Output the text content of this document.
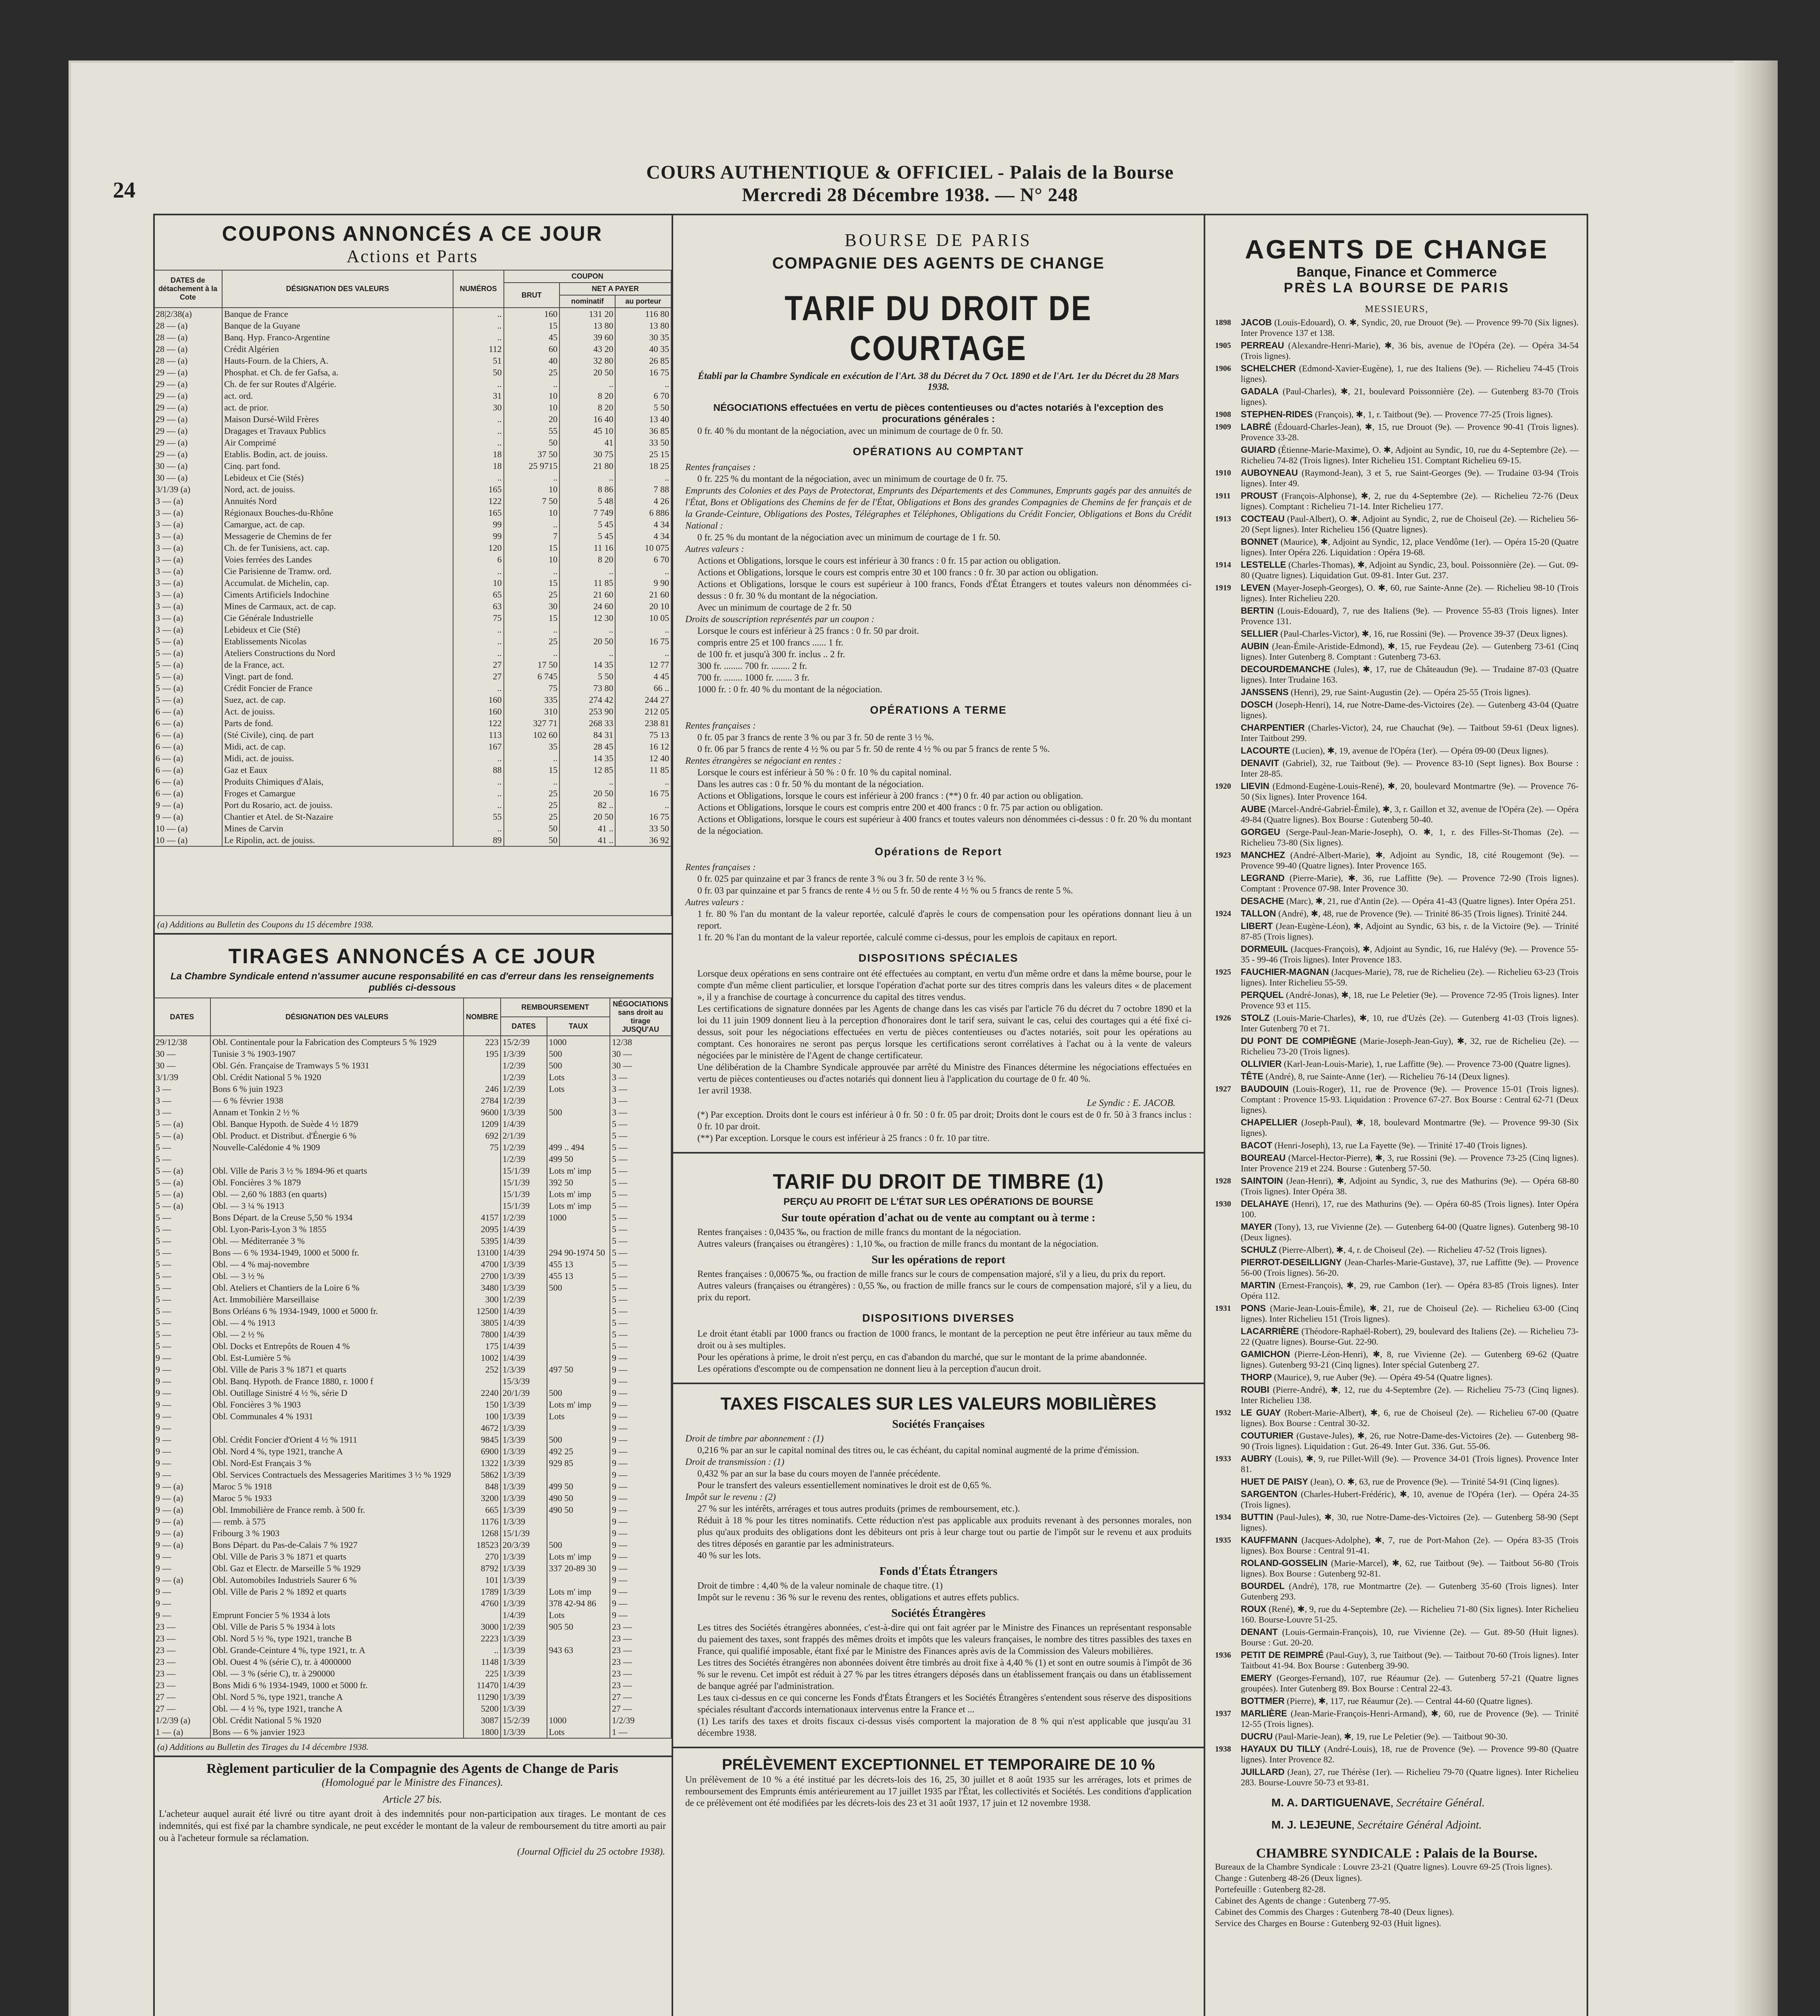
24
COURS AUTHENTIQUE & OFFICIEL - Palais de la Bourse
Mercredi 28 Décembre 1938. — N° 248
COUPONS ANNONCÉS A CE JOUR
Actions et Parts
DATES de détachement à la Cote	DÉSIGNATION DES VALEURS	NUMÉROS	COUPON		
			BRUT	NET A PAYER	
				nominatif	au porteur
28|2/38(a)	Banque de France	..	160	131 20	116 80
28 — (a)	Banque de la Guyane	..	15	13 80	13 80
28 — (a)	Banq. Hyp. Franco-Argentine	..	45	39 60	30 35
28 — (a)	Crédit Algérien	112	60	43 20	40 35
28 — (a)	Hauts-Fourn. de la Chiers, A.	51	40	32 80	26 85
29 — (a)	Phosphat. et Ch. de fer Gafsa, a.	50	25	20 50	16 75
29 — (a)	Ch. de fer sur Routes d'Algérie.	..	..	..	..
29 — (a)	act. ord.	31	10	8 20	6 70
29 — (a)	act. de prior.	30	10	8 20	5 50
29 — (a)	Maison Dursé-Wild Frères	..	20	16 40	13 40
29 — (a)	Dragages et Travaux Publics	..	55	45 10	36 85
29 — (a)	Air Comprimé	..	50	41	33 50
29 — (a)	Etablis. Bodin, act. de jouiss.	18	37 50	30 75	25 15
30 — (a)	Cinq. part fond.	18	25 9715	21 80	18 25
30 — (a)	Lebideux et Cie (Stés)	..	..	..	..
3/1/39 (a)	Nord, act. de jouiss.	165	10	8 86	7 88
3 — (a)	Annuités Nord	122	7 50	5 48	4 26
3 — (a)	Régionaux Bouches-du-Rhône	165	10	7 749	6 886
3 — (a)	Camargue, act. de cap.	99	..	5 45	4 34
3 — (a)	Messagerie de Chemins de fer	99	7	5 45	4 34
3 — (a)	Ch. de fer Tunisiens, act. cap.	120	15	11 16	10 075
3 — (a)	Voies ferrées des Landes	6	10	8 20	6 70
3 — (a)	Cie Parisienne de Tramw. ord.	..	..	..	..
3 — (a)	Accumulat. de Michelin, cap.	10	15	11 85	9 90
3 — (a)	Ciments Artificiels Indochine	65	25	21 60	21 60
3 — (a)	Mines de Carmaux, act. de cap.	63	30	24 60	20 10
3 — (a)	Cie Générale Industrielle	75	15	12 30	10 05
3 — (a)	Lebideux et Cie (Sté)	..	..	..	..
5 — (a)	Etablissements Nicolas	..	25	20 50	16 75
5 — (a)	Ateliers Constructions du Nord	..	..	..	..
5 — (a)	de la France, act.	27	17 50	14 35	12 77
5 — (a)	Vingt. part de fond.	27	6 745	5 50	4 45
5 — (a)	Crédit Foncier de France	..	75	73 80	66 ..
5 — (a)	Suez, act. de cap.	160	335	274 42	244 27
6 — (a)	Act. de jouiss.	160	310	253 90	212 05
6 — (a)	Parts de fond.	122	327 71	268 33	238 81
6 — (a)	(Sté Civile), cinq. de part	113	102 60	84 31	75 13
6 — (a)	Midi, act. de cap.	167	35	28 45	16 12
6 — (a)	Midi, act. de jouiss.	..	..	14 35	12 40
6 — (a)	Gaz et Eaux	88	15	12 85	11 85
6 — (a)	Produits Chimiques d'Alais,	..	..	..	..
6 — (a)	Froges et Camargue	..	25	20 50	16 75
9 — (a)	Port du Rosario, act. de jouiss.	..	25	82 ..	..
9 — (a)	Chantier et Atel. de St-Nazaire	55	25	20 50	16 75
10 — (a)	Mines de Carvin	..	50	41 ..	33 50
10 — (a)	Le Ripolin, act. de jouiss.	89	50	41 ..	36 92
(a) Additions au Bulletin des Coupons du 15 décembre 1938.
TIRAGES ANNONCÉS A CE JOUR
La Chambre Syndicale entend n'assumer aucune responsabilité en cas d'erreur dans les renseignements publiés ci-dessous
DATES	DÉSIGNATION DES VALEURS	NOMBRE	REMBOURSEMENT		NÉGOCIATIONS sans droit au tirage JUSQU'AU
			DATES	TAUX	
29/12/38	Obl. Continentale pour la Fabrication des Compteurs 5 % 1929	223	15/2/39	1000	12/38
30 —	Tunisie 3 % 1903-1907	195	1/3/39	500	30 —
30 —	Obl. Gén. Française de Tramways 5 % 1931		1/2/39	500	30 —
3/1/39	Obl. Crédit National 5 % 1920		1/2/39	Lots	3 —
3 —	Bons 6 % juin 1923	246	1/2/39	Lots	3 —
3 —	— 6 % février 1938	2784	1/2/39		3 —
3 —	Annam et Tonkin 2 ½ %	9600	1/3/39	500	3 —
5 — (a)	Obl. Banque Hypoth. de Suède 4 ½ 1879	1209	1/4/39		5 —
5 — (a)	Obl. Product. et Distribut. d'Énergie 6 %	692	2/1/39		5 —
5 —	Nouvelle-Calédonie 4 % 1909	75	1/2/39	499 .. 494	5 —
5 —			1/2/39	499 50	5 —
5 — (a)	Obl. Ville de Paris 3 ½ % 1894-96 et quarts		15/1/39	Lots m' imp	5 —
5 — (a)	Obl. Foncières 3 % 1879		15/1/39	392 50	5 —
5 — (a)	Obl. — 2,60 % 1883 (en quarts)		15/1/39	Lots m' imp	5 —
5 — (a)	Obl. — 3 ¼ % 1913		15/1/39	Lots m' imp	5 —
5 —	Bons Départ. de la Creuse 5,50 % 1934	4157	1/2/39	1000	5 —
5 —	Obl. Lyon-Paris-Lyon 3 % 1855	2095	1/4/39		5 —
5 —	Obl. — Méditerranée 3 %	5395	1/4/39		5 —
5 —	Bons — 6 % 1934-1949, 1000 et 5000 fr.	13100	1/4/39	294 90-1974 50	5 —
5 —	Obl. — 4 % maj-novembre	4700	1/3/39	455 13	5 —
5 —	Obl. — 3 ½ %	2700	1/3/39	455 13	5 —
5 —	Obl. Ateliers et Chantiers de la Loire 6 %	3480	1/3/39	500	5 —
5 —	Act. Immobilière Marseillaise	300	1/2/39		5 —
5 —	Bons Orléans 6 % 1934-1949, 1000 et 5000 fr.	12500	1/4/39		5 —
5 —	Obl. — 4 % 1913	3805	1/4/39		5 —
5 —	Obl. — 2 ½ %	7800	1/4/39		5 —
5 —	Obl. Docks et Entrepôts de Rouen 4 %	175	1/4/39		5 —
9 —	Obl. Est-Lumière 5 %	1002	1/4/39		9 —
9 —	Obl. Ville de Paris 3 % 1871 et quarts	252	1/3/39	497 50	9 —
9 —	Obl. Banq. Hypoth. de France 1880, r. 1000 f		15/3/39		9 —
9 —	Obl. Outillage Sinistré 4 ½ %, série D	2240	20/1/39	500	9 —
9 —	Obl. Foncières 3 % 1903	150	1/3/39	Lots m' imp	9 —
9 —	Obl. Communales 4 % 1931	100	1/3/39	Lots	9 —
9 —		4672	1/3/39		9 —
9 —	Obl. Crédit Foncier d'Orient 4 ½ % 1911	9845	1/3/39	500	9 —
9 —	Obl. Nord 4 %, type 1921, tranche A	6900	1/3/39	492 25	9 —
9 —	Obl. Nord-Est Français 3 %	1322	1/3/39	929 85	9 —
9 —	Obl. Services Contractuels des Messageries Maritimes 3 ½ % 1929	5862	1/3/39		9 —
9 — (a)	Maroc 5 % 1918	848	1/3/39	499 50	9 —
9 — (a)	Maroc 5 % 1933	3200	1/3/39	490 50	9 —
9 — (a)	Obl. Immobilière de France remb. à 500 fr.	665	1/3/39	490 50	9 —
9 — (a)	— remb. à 575	1176	1/3/39		9 —
9 — (a)	Fribourg 3 % 1903	1268	15/1/39		9 —
9 — (a)	Bons Départ. du Pas-de-Calais 7 % 1927	18523	20/3/39	500	9 —
9 —	Obl. Ville de Paris 3 % 1871 et quarts	270	1/3/39	Lots m' imp	9 —
9 —	Obl. Gaz et Electr. de Marseille 5 % 1929	8792	1/3/39	337 20-89 30	9 —
9 — (a)	Obl. Automobiles Industriels Saurer 6 %	101	1/3/39		9 —
9 —	Obl. Ville de Paris 2 % 1892 et quarts	1789	1/3/39	Lots m' imp	9 —
9 —		4760	1/3/39	378 42-94 86	9 —
9 —	Emprunt Foncier 5 % 1934 à lots		1/4/39	Lots	9 —
23 —	Obl. Ville de Paris 5 % 1934 à lots	3000	1/2/39	905 50	23 —
23 —	Obl. Nord 5 ½ %, type 1921, tranche B	2223	1/3/39		23 —
23 —	Obl. Grande-Ceinture 4 %, type 1921, tr. A	..	1/3/39	943 63	23 —
23 —	Obl. Ouest 4 % (série C), tr. à 4000000	1148	1/3/39		23 —
23 —	Obl. — 3 % (série C), tr. à 290000	225	1/3/39		23 —
23 —	Bons Midi 6 % 1934-1949, 1000 et 5000 fr.	11470	1/4/39		23 —
27 —	Obl. Nord 5 %, type 1921, tranche A	11290	1/3/39		27 —
27 —	Obl. — 4 ½ %, type 1921, tranche A	5200	1/3/39		27 —
1/2/39 (a)	Obl. Crédit National 5 % 1920	3087	15/2/39	1000	1/2/39
1 — (a)	Bons — 6 % janvier 1923	1800	1/3/39	Lots	1 —
(a) Additions au Bulletin des Tirages du 14 décembre 1938.
Règlement particulier de la Compagnie des Agents de Change de Paris
(Homologué par le Ministre des Finances).
Article 27 bis.
L'acheteur auquel aurait été livré ou titre ayant droit à des indemnités pour non-participation aux tirages. Le montant de ces indemnités, qui est fixé par la chambre syndicale, ne peut excéder le montant de la valeur de remboursement du titre amorti au pair ou à l'acheteur formule sa réclamation.
(Journal Officiel du 25 octobre 1938).
BOURSE DE PARIS
COMPAGNIE DES AGENTS DE CHANGE
TARIF DU DROIT DE COURTAGE
Établi par la Chambre Syndicale en exécution de l'Art. 38 du Décret du 7 Oct. 1890 et de l'Art. 1er du Décret du 28 Mars 1938.
NÉGOCIATIONS effectuées en vertu de pièces contentieuses ou d'actes notariés à l'exception des procurations générales :

0 fr. 40 % du montant de la négociation, avec un minimum de courtage de 0 fr. 50.

OPÉRATIONS AU COMPTANT

Rentes françaises :

0 fr. 225 % du montant de la négociation, avec un minimum de courtage de 0 fr. 75.

Emprunts des Colonies et des Pays de Protectorat, Emprunts des Départements et des Communes, Emprunts gagés par des annuités de l'État, Bons et Obligations des Chemins de fer de l'État, Obligations et Bons des grandes Compagnies de Chemins de fer français et de la Grande-Ceinture, Obligations des Postes, Télégraphes et Téléphones, Obligations du Crédit Foncier, Obligations et Bons du Crédit National :

0 fr. 25 % du montant de la négociation avec un minimum de courtage de 1 fr. 50.

Autres valeurs :

Actions et Obligations, lorsque le cours est inférieur à 30 francs : 0 fr. 15 par action ou obligation.

Actions et Obligations, lorsque le cours est compris entre 30 et 100 francs : 0 fr. 30 par action ou obligation.

Actions et Obligations, lorsque le cours est supérieur à 100 francs, Fonds d'État Étrangers et toutes valeurs non dénommées ci-dessus : 0 fr. 30 % du montant de la négociation.

Avec un minimum de courtage de 2 fr. 50

Droits de souscription représentés par un coupon :

Lorsque le cours est inférieur à 25 francs : 0 fr. 50 par droit.

compris entre 25 et 100 francs ...... 1 fr.

de 100 fr. et jusqu'à 300 fr. inclus .. 2 fr.

300 fr. ........ 700 fr. ........ 2 fr.

700 fr. ........ 1000 fr. ....... 3 fr.

1000 fr. : 0 fr. 40 % du montant de la négociation.

OPÉRATIONS A TERME

Rentes françaises :

0 fr. 05 par 3 francs de rente 3 % ou par 3 fr. 50 de rente 3 ½ %.

0 fr. 06 par 5 francs de rente 4 ½ % ou par 5 fr. 50 de rente 4 ½ % ou par 5 francs de rente 5 %.

Rentes étrangères se négociant en rentes :

Lorsque le cours est inférieur à 50 % : 0 fr. 10 % du capital nominal.

Dans les autres cas : 0 fr. 50 % du montant de la négociation.

Actions et Obligations, lorsque le cours est inférieur à 200 francs : (**) 0 fr. 40 par action ou obligation.

Actions et Obligations, lorsque le cours est compris entre 200 et 400 francs : 0 fr. 75 par action ou obligation.

Actions et Obligations, lorsque le cours est supérieur à 400 francs et toutes valeurs non dénommées ci-dessus : 0 fr. 20 % du montant de la négociation.

Opérations de Report

Rentes françaises :

0 fr. 025 par quinzaine et par 3 francs de rente 3 % ou 3 fr. 50 de rente 3 ½ %.

0 fr. 03 par quinzaine et par 5 francs de rente 4 ½ ou 5 fr. 50 de rente 4 ½ % ou 5 francs de rente 5 %.

Autres valeurs :

1 fr. 80 % l'an du montant de la valeur reportée, calculé d'après le cours de compensation pour les opérations donnant lieu à un report.

1 fr. 20 % l'an du montant de la valeur reportée, calculé comme ci-dessus, pour les emplois de capitaux en report.

DISPOSITIONS SPÉCIALES

Lorsque deux opérations en sens contraire ont été effectuées au comptant, en vertu d'un même ordre et dans la même bourse, pour le compte d'un même client particulier, et lorsque l'opération d'achat porte sur des titres compris dans les valeurs dites « de placement », il y a franchise de courtage à concurrence du capital des titres vendus.

Les certifications de signature données par les Agents de change dans les cas visés par l'article 76 du décret du 7 octobre 1890 et la loi du 11 juin 1909 donnent lieu à la perception d'honoraires dont le tarif sera, suivant le cas, celui des courtages qui a été fixé ci-dessus, soit pour les négociations effectuées en vertu de pièces contentieuses ou d'actes notariés, soit pour les opérations au comptant. Ces honoraires ne seront pas perçus lorsque les certifications seront corrélatives à l'achat ou à la vente de valeurs négociées par le ministère de l'Agent de change certificateur.

Une délibération de la Chambre Syndicale approuvée par arrêté du Ministre des Finances détermine les négociations effectuées en vertu de pièces contentieuses ou d'actes notariés qui donnent lieu à l'application du courtage de 0 fr. 40 %.

1er avril 1938.

Le Syndic : E. JACOB.

(*) Par exception. Droits dont le cours est inférieur à 0 fr. 50 : 0 fr. 05 par droit; Droits dont le cours est de 0 fr. 50 à 3 francs inclus : 0 fr. 10 par droit.

(**) Par exception. Lorsque le cours est inférieur à 25 francs : 0 fr. 10 par titre.

TARIF DU DROIT DE TIMBRE (1)
PERÇU AU PROFIT DE L'ÉTAT SUR LES OPÉRATIONS DE BOURSE
Sur toute opération d'achat ou de vente au comptant ou à terme :

Rentes françaises : 0,0435 ‰, ou fraction de mille francs du montant de la négociation.

Autres valeurs (françaises ou étrangères) : 1,10 ‰, ou fraction de mille francs du montant de la négociation.

Sur les opérations de report

Rentes françaises : 0,00675 ‰, ou fraction de mille francs sur le cours de compensation majoré, s'il y a lieu, du prix du report.

Autres valeurs (françaises ou étrangères) : 0,55 ‰, ou fraction de mille francs sur le cours de compensation majoré, s'il y a lieu, du prix du report.

DISPOSITIONS DIVERSES

Le droit étant établi par 1000 francs ou fraction de 1000 francs, le montant de la perception ne peut être inférieur au taux même du droit ou à ses multiples.

Pour les opérations à prime, le droit n'est perçu, en cas d'abandon du marché, que sur le montant de la prime abandonnée.

Les opérations d'escompte ou de compensation ne donnent lieu à la perception d'aucun droit.

TAXES FISCALES SUR LES VALEURS MOBILIÈRES
Sociétés Françaises

Droit de timbre par abonnement : (1)

0,216 % par an sur le capital nominal des titres ou, le cas échéant, du capital nominal augmenté de la prime d'émission.

Droit de transmission : (1)

0,432 % par an sur la base du cours moyen de l'année précédente.

Pour le transfert des valeurs essentiellement nominatives le droit est de 0,65 %.

Impôt sur le revenu : (2)

27 % sur les intérêts, arrérages et tous autres produits (primes de remboursement, etc.).

Réduit à 18 % pour les titres nominatifs. Cette réduction n'est pas applicable aux produits revenant à des personnes morales, non plus qu'aux produits des obligations dont les débiteurs ont pris à leur charge tout ou partie de l'impôt sur le revenu et aux produits des titres déposés en garantie par les administrateurs.

40 % sur les lots.

Fonds d'États Étrangers

Droit de timbre : 4,40 % de la valeur nominale de chaque titre. (1)

Impôt sur le revenu : 36 % sur le revenu des rentes, obligations et autres effets publics.

Sociétés Étrangères

Les titres des Sociétés étrangères abonnées, c'est-à-dire qui ont fait agréer par le Ministre des Finances un représentant responsable du paiement des taxes, sont frappés des mêmes droits et impôts que les valeurs françaises, le nombre des titres passibles des taxes en France, qui qualifié imposable, étant fixé par le Ministre des Finances après avis de la Commission des Valeurs mobilières.

Les titres des Sociétés étrangères non abonnées doivent être timbrés au droit fixe à 4,40 % (1) et sont en outre soumis à l'impôt de 36 % sur le revenu. Cet impôt est réduit à 27 % par les titres étrangers déposés dans un établissement français ou dans un établissement de banque agréé par l'administration.

Les taux ci-dessus en ce qui concerne les Fonds d'États Étrangers et les Sociétés Étrangères s'entendent sous réserve des dispositions spéciales résultant d'accords internationaux intervenus entre la France et ...

(1) Les tarifs des taxes et droits fiscaux ci-dessus visés comportent la majoration de 8 % qui n'est applicable que jusqu'au 31 décembre 1938.

PRÉLÈVEMENT EXCEPTIONNEL ET TEMPORAIRE DE 10 %

Un prélèvement de 10 % a été institué par les décrets-lois des 16, 25, 30 juillet et 8 août 1935 sur les arrérages, lots et primes de remboursement des Emprunts émis antérieurement au 17 juillet 1935 par l'État, les collectivités et Sociétés. Les conditions d'application de ce prélèvement ont été modifiées par les décrets-lois des 23 et 31 août 1937, 17 juin et 12 novembre 1938.

AGENTS DE CHANGE
Banque, Finance et Commerce
PRÈS LA BOURSE DE PARIS
MESSIEURS,
1898 JACOB (Louis-Edouard), O. ✱, Syndic, 20, rue Drouot (9e). — Provence 99-70 (Six lignes). Inter Provence 137 et 138.
1905 PERREAU (Alexandre-Henri-Marie), ✱, 36 bis, avenue de l'Opéra (2e). — Opéra 34-54 (Trois lignes).
1906 SCHELCHER (Edmond-Xavier-Eugène), 1, rue des Italiens (9e). — Richelieu 74-45 (Trois lignes).
GADALA (Paul-Charles), ✱, 21, boulevard Poissonnière (2e). — Gutenberg 83-70 (Trois lignes).
1908 STEPHEN-RIDES (François), ✱, 1, r. Taitbout (9e). — Provence 77-25 (Trois lignes).
1909 LABRÉ (Édouard-Charles-Jean), ✱, 15, rue Drouot (9e). — Provence 90-41 (Trois lignes). Provence 33-28.
GUIARD (Étienne-Marie-Maxime), O. ✱, Adjoint au Syndic, 10, rue du 4-Septembre (2e). — Richelieu 74-82 (Trois lignes). Inter Richelieu 151. Comptant Richelieu 69-15.
1910 AUBOYNEAU (Raymond-Jean), 3 et 5, rue Saint-Georges (9e). — Trudaine 03-94 (Trois lignes). Inter 49.
1911 PROUST (François-Alphonse), ✱, 2, rue du 4-Septembre (2e). — Richelieu 72-76 (Deux lignes). Comptant : Richelieu 71-14. Inter Richelieu 177.
1913 COCTEAU (Paul-Albert), O. ✱, Adjoint au Syndic, 2, rue de Choiseul (2e). — Richelieu 56-20 (Sept lignes). Inter Richelieu 156 (Quatre lignes).
BONNET (Maurice), ✱, Adjoint au Syndic, 12, place Vendôme (1er). — Opéra 15-20 (Quatre lignes). Inter Opéra 226. Liquidation : Opéra 19-68.
1914 LESTELLE (Charles-Thomas), ✱, Adjoint au Syndic, 23, boul. Poissonnière (2e). — Gut. 09-80 (Quatre lignes). Liquidation Gut. 09-81. Inter Gut. 237.
1919 LEVEN (Mayer-Joseph-Georges), O. ✱, 60, rue Sainte-Anne (2e). — Richelieu 98-10 (Trois lignes). Inter Richelieu 220.
BERTIN (Louis-Edouard), 7, rue des Italiens (9e). — Provence 55-83 (Trois lignes). Inter Provence 131.
SELLIER (Paul-Charles-Victor), ✱, 16, rue Rossini (9e). — Provence 39-37 (Deux lignes).
AUBIN (Jean-Émile-Aristide-Edmond), ✱, 15, rue Feydeau (2e). — Gutenberg 73-61 (Cinq lignes). Inter Gutenberg 8. Comptant : Gutenberg 73-63.
DECOURDEMANCHE (Jules), ✱, 17, rue de Châteaudun (9e). — Trudaine 87-03 (Quatre lignes). Inter Trudaine 163.
JANSSENS (Henri), 29, rue Saint-Augustin (2e). — Opéra 25-55 (Trois lignes).
DOSCH (Joseph-Henri), 14, rue Notre-Dame-des-Victoires (2e). — Gutenberg 43-04 (Quatre lignes).
CHARPENTIER (Charles-Victor), 24, rue Chauchat (9e). — Taitbout 59-61 (Deux lignes). Inter Taitbout 299.
LACOURTE (Lucien), ✱, 19, avenue de l'Opéra (1er). — Opéra 09-00 (Deux lignes).
DENAVIT (Gabriel), 32, rue Taitbout (9e). — Provence 83-10 (Sept lignes). Box Bourse : Inter 28-85.
1920 LIEVIN (Edmond-Eugène-Louis-René), ✱, 20, boulevard Montmartre (9e). — Provence 76-50 (Six lignes). Inter Provence 164.
AUBE (Marcel-André-Gabriel-Émile), ✱, 3, r. Gaillon et 32, avenue de l'Opéra (2e). — Opéra 49-84 (Quatre lignes). Box Bourse : Gutenberg 50-40.
GORGEU (Serge-Paul-Jean-Marie-Joseph), O. ✱, 1, r. des Filles-St-Thomas (2e). — Richelieu 73-80 (Six lignes).
1923 MANCHEZ (André-Albert-Marie), ✱, Adjoint au Syndic, 18, cité Rougemont (9e). — Provence 99-40 (Quatre lignes). Inter Provence 165.
LEGRAND (Pierre-Marie), ✱, 36, rue Laffitte (9e). — Provence 72-90 (Trois lignes). Comptant : Provence 07-98. Inter Provence 30.
DESACHE (Marc), ✱, 21, rue d'Antin (2e). — Opéra 41-43 (Quatre lignes). Inter Opéra 251.
1924 TALLON (André), ✱, 48, rue de Provence (9e). — Trinité 86-35 (Trois lignes). Trinité 244.
LIBERT (Jean-Eugène-Léon), ✱, Adjoint au Syndic, 63 bis, r. de la Victoire (9e). — Trinité 87-85 (Trois lignes).
DORMEUIL (Jacques-François), ✱, Adjoint au Syndic, 16, rue Halévy (9e). — Provence 55-35 - 99-46 (Trois lignes). Inter Provence 183.
1925 FAUCHIER-MAGNAN (Jacques-Marie), 78, rue de Richelieu (2e). — Richelieu 63-23 (Trois lignes). Inter Richelieu 55-59.
PERQUEL (André-Jonas), ✱, 18, rue Le Peletier (9e). — Provence 72-95 (Trois lignes). Inter Provence 93 et 115.
1926 STOLZ (Louis-Marie-Charles), ✱, 10, rue d'Uzès (2e). — Gutenberg 41-03 (Trois lignes). Inter Gutenberg 70 et 71.
DU PONT DE COMPIÈGNE (Marie-Joseph-Jean-Guy), ✱, 32, rue de Richelieu (2e). — Richelieu 73-20 (Trois lignes).
OLLIVIER (Karl-Jean-Louis-Marie), 1, rue Laffitte (9e). — Provence 73-00 (Quatre lignes).
TÊTE (André), 8, rue Sainte-Anne (1er). — Richelieu 76-14 (Deux lignes).
1927 BAUDOUIN (Louis-Roger), 11, rue de Provence (9e). — Provence 15-01 (Trois lignes). Comptant : Provence 15-93. Liquidation : Provence 67-27. Box Bourse : Central 62-71 (Deux lignes).
CHAPELLIER (Joseph-Paul), ✱, 18, boulevard Montmartre (9e). — Provence 99-30 (Six lignes).
BACOT (Henri-Joseph), 13, rue La Fayette (9e). — Trinité 17-40 (Trois lignes).
BOUREAU (Marcel-Hector-Pierre), ✱, 3, rue Rossini (9e). — Provence 73-25 (Cinq lignes). Inter Provence 219 et 224. Bourse : Gutenberg 57-50.
1928 SAINTOIN (Jean-Henri), ✱, Adjoint au Syndic, 3, rue des Mathurins (9e). — Opéra 68-80 (Trois lignes). Inter Opéra 38.
1930 DELAHAYE (Henri), 17, rue des Mathurins (9e). — Opéra 60-85 (Trois lignes). Inter Opéra 100.
MAYER (Tony), 13, rue Vivienne (2e). — Gutenberg 64-00 (Quatre lignes). Gutenberg 98-10 (Deux lignes).
SCHULZ (Pierre-Albert), ✱, 4, r. de Choiseul (2e). — Richelieu 47-52 (Trois lignes).
PIERROT-DESEILLIGNY (Jean-Charles-Marie-Gustave), 37, rue Laffitte (9e). — Provence 56-00 (Trois lignes). 56-20.
MARTIN (Ernest-François), ✱, 29, rue Cambon (1er). — Opéra 83-85 (Trois lignes). Inter Opéra 112.
1931 PONS (Marie-Jean-Louis-Émile), ✱, 21, rue de Choiseul (2e). — Richelieu 63-00 (Cinq lignes). Inter Richelieu 151 (Trois lignes).
LACARRIÈRE (Théodore-Raphaël-Robert), 29, boulevard des Italiens (2e). — Richelieu 73-22 (Quatre lignes). Bourse-Gut. 22-90.
GAMICHON (Pierre-Léon-Henri), ✱, 8, rue Vivienne (2e). — Gutenberg 69-62 (Quatre lignes). Gutenberg 93-21 (Cinq lignes). Inter spécial Gutenberg 27.
THORP (Maurice), 9, rue Auber (9e). — Opéra 49-54 (Quatre lignes).
ROUBI (Pierre-André), ✱, 12, rue du 4-Septembre (2e). — Richelieu 75-73 (Cinq lignes). Inter Richelieu 138.
1932 LE GUAY (Robert-Marie-Albert), ✱, 6, rue de Choiseul (2e). — Richelieu 67-00 (Quatre lignes). Box Bourse : Central 30-32.
COUTURIER (Gustave-Jules), ✱, 26, rue Notre-Dame-des-Victoires (2e). — Gutenberg 98-90 (Trois lignes). Liquidation : Gut. 26-49. Inter Gut. 336. Gut. 55-06.
1933 AUBRY (Louis), ✱, 9, rue Pillet-Will (9e). — Provence 34-01 (Trois lignes). Provence Inter 81.
HUET DE PAISY (Jean), O. ✱, 63, rue de Provence (9e). — Trinité 54-91 (Cinq lignes).
SARGENTON (Charles-Hubert-Frédéric), ✱, 10, avenue de l'Opéra (1er). — Opéra 24-35 (Trois lignes).
1934 BUTTIN (Paul-Jules), ✱, 30, rue Notre-Dame-des-Victoires (2e). — Gutenberg 58-90 (Sept lignes).
1935 KAUFFMANN (Jacques-Adolphe), ✱, 7, rue de Port-Mahon (2e). — Opéra 83-35 (Trois lignes). Box Bourse : Central 91-41.
ROLAND-GOSSELIN (Marie-Marcel), ✱, 62, rue Taitbout (9e). — Taitbout 56-80 (Trois lignes). Box Bourse : Gutenberg 92-81.
BOURDEL (André), 178, rue Montmartre (2e). — Gutenberg 35-60 (Trois lignes). Inter Gutenberg 293.
ROUX (René), ✱, 9, rue du 4-Septembre (2e). — Richelieu 71-80 (Six lignes). Inter Richelieu 160. Bourse-Louvre 51-25.
DENANT (Louis-Germain-François), 10, rue Vivienne (2e). — Gut. 89-50 (Huit lignes). Bourse : Gut. 20-20.
1936 PETIT DE REIMPRÉ (Paul-Guy), 3, rue Taitbout (9e). — Taitbout 70-60 (Trois lignes). Inter Taitbout 41-94. Box Bourse : Gutenberg 39-90.
EMERY (Georges-Fernand), 107, rue Réaumur (2e). — Gutenberg 57-21 (Quatre lignes groupées). Inter Gutenberg 89. Box Bourse : Central 22-43.
BOTTMER (Pierre), ✱, 117, rue Réaumur (2e). — Central 44-60 (Quatre lignes).
1937 MARLIÈRE (Jean-Marie-François-Henri-Armand), ✱, 60, rue de Provence (9e). — Trinité 12-55 (Trois lignes).
DUCRU (Paul-Marie-Jean), ✱, 19, rue Le Peletier (9e). — Taitbout 90-30.
1938 HAYAUX DU TILLY (André-Louis), 18, rue de Provence (9e). — Provence 99-80 (Quatre lignes). Inter Provence 82.
JUILLARD (Jean), 27, rue Thérèse (1er). — Richelieu 79-70 (Quatre lignes). Inter Richelieu 283. Bourse-Louvre 50-73 et 93-81.
M. A. DARTIGUENAVE, Secrétaire Général.
M. J. LEJEUNE, Secrétaire Général Adjoint.
CHAMBRE SYNDICALE : Palais de la Bourse.
Bureaux de la Chambre Syndicale : Louvre 23-21 (Quatre lignes). Louvre 69-25 (Trois lignes).
Change : Gutenberg 48-26 (Deux lignes).
Portefeuille : Gutenberg 82-28.
Cabinet des Agents de change : Gutenberg 77-95.
Cabinet des Commis des Charges : Gutenberg 78-40 (Deux lignes).
Service des Charges en Bourse : Gutenberg 92-03 (Huit lignes).
